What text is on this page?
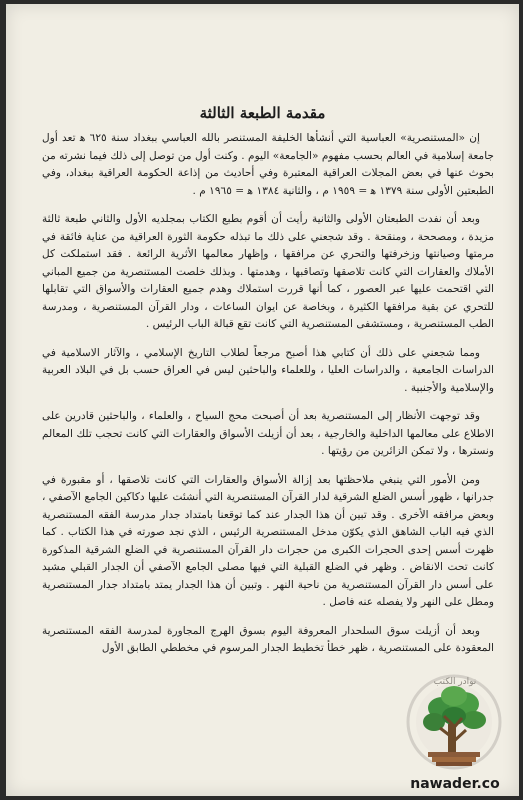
مقدمة الطبعة الثالثة

إن «المستنصرية» العباسية التي أنشأها الخليفة المستنصر بالله العباسي ببغداد سنة ٦٢٥ ﻫ تعد أول جامعة إسلامية في العالم بحسب مفهوم «الجامعة» اليوم . وكنت أول من توصل إلى ذلك فيما نشرته من بحوث عنها في بعض المجلات العراقية المعتبرة وفي أحاديث من إذاعة الحكومة العراقية ببغداد، وفي الطبعتين الأولى سنة ١٣٧٩ ﻫ = ١٩٥٩ م ، والثانية ١٣٨٤ ﻫ = ١٩٦٥ م .

وبعد أن نفدت الطبعتان الأولى والثانية رأيت أن أقوم بطبع الكتاب بمجلديه الأول والثاني طبعة ثالثة مزيدة ، ومصححة ، ومنقحة . وقد شجعني على ذلك ما تبذله حكومة الثورة العراقية من عناية فائقة في مرمتها وصيانتها وزخرفتها والتحري عن مرافقها ، وإظهار معالمها الأثرية الرائعة . فقد استملكت كل الأملاك والعقارات التي كانت تلاصقها وتصاقبها ، وهدمتها . وبذلك خلصت المستنصرية من جميع المباني التي اقتحمت عليها عبر العصور ، كما أنها قررت استملاك وهدم جميع العقارات والأسواق التي تقابلها للتحري عن بقية مرافقها الكثيرة ، وبخاصة عن ايوان الساعات ، ودار القرآن المستنصرية ، ومدرسة الطب المستنصرية ، ومستشفى المستنصرية التي كانت تقع قبالة الباب الرئيس .

ومما شجعني على ذلك أن كتابي هذا أصبح مرجعاً لطلاب التاريخ الإسلامي ، والآثار الاسلامية في الدراسات الجامعية ، والدراسات العليا ، وللعلماء والباحثين ليس في العراق حسب بل في البلاد العربية والإسلامية والأجنبية .

وقد توجهت الأنظار إلى المستنصرية بعد أن أصبحت محج السياح ، والعلماء ، والباحثين قادرين على الاطلاع على معالمها الداخلية والخارجية ، بعد أن أزيلت الأسواق والعقارات التي كانت تحجب تلك المعالم ونسترها ، ولا تمكن الزائرين من رؤيتها .

ومن الأمور التي ينبغي ملاحظتها بعد إزالة الأسواق والعقارات التي كانت تلاصقها ، أو مقبورة في جدرانها ، ظهور أسس الضلع الشرقية لدار القرآن المستنصرية التي أنشئت عليها دكاكين الجامع الآصفي ، وبعض مرافقه الأخرى . وقد تبين أن هذا الجدار عند كما توقعنا بامتداد جدار مدرسة الفقه المستنصرية الذي فيه الباب الشاهق الذي يكوّن مدخل المستنصرية الرئيس ، الذي نجد صورته في هذا الكتاب . كما ظهرت أسس إحدى الحجرات الكبرى من حجرات دار القرآن المستنصرية في الضلع الشرقية المذكورة كانت تحت الانقاض . وظهر في الضلع القبلية التي فيها مصلى الجامع الآصفي أن الجدار القبلي مشيد على أسس دار القرآن المستنصرية من ناحية النهر . وتبين أن هذا الجدار يمتد بامتداد جدار المستنصرية ومطل على النهر ولا يفصله عنه فاصل .

وبعد أن أزيلت سوق السلحدار المعروفة اليوم بسوق الهرج المجاورة لمدرسة الفقه المستنصرية المعقودة على المستنصرية ، ظهر خطأ تخطيط الجدار المرسوم في مخططي الطابق الأول

نوادر الكتب
nawader.co
